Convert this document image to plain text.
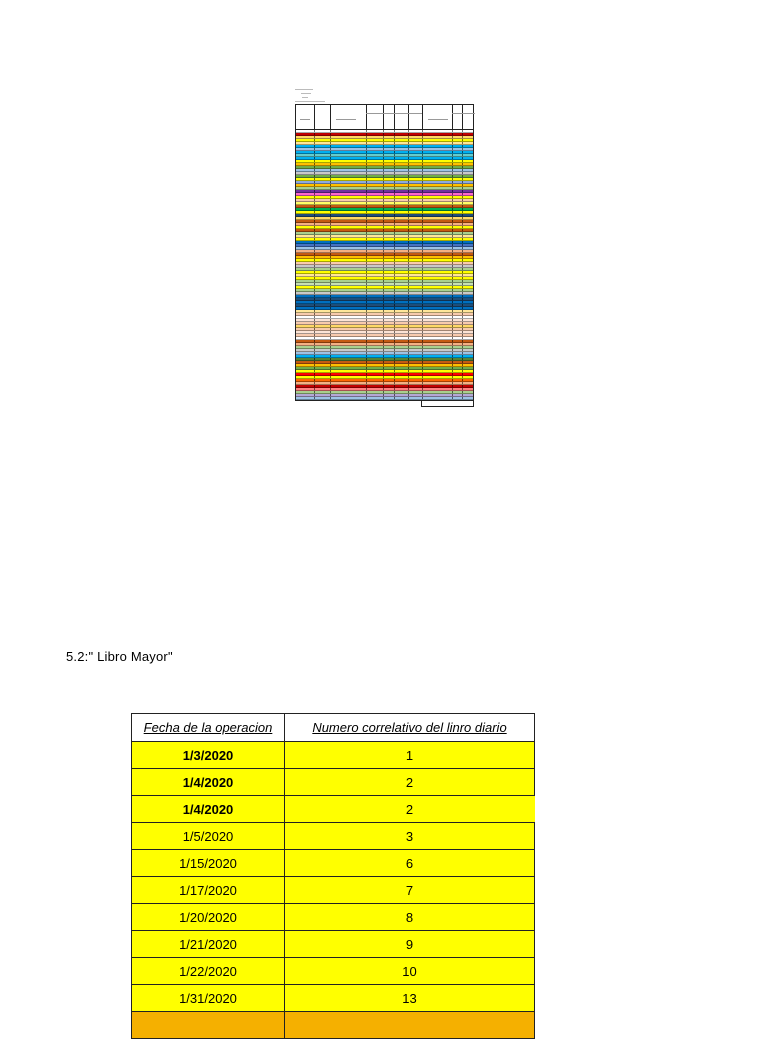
5.2:" Libro Mayor"
Fecha de la operacion	Numero correlativo del linro diario
1/3/2020	1
1/4/2020	2
1/4/2020	2
1/5/2020	3
1/15/2020	6
1/17/2020	7
1/20/2020	8
1/21/2020	9
1/22/2020	10
1/31/2020	13
